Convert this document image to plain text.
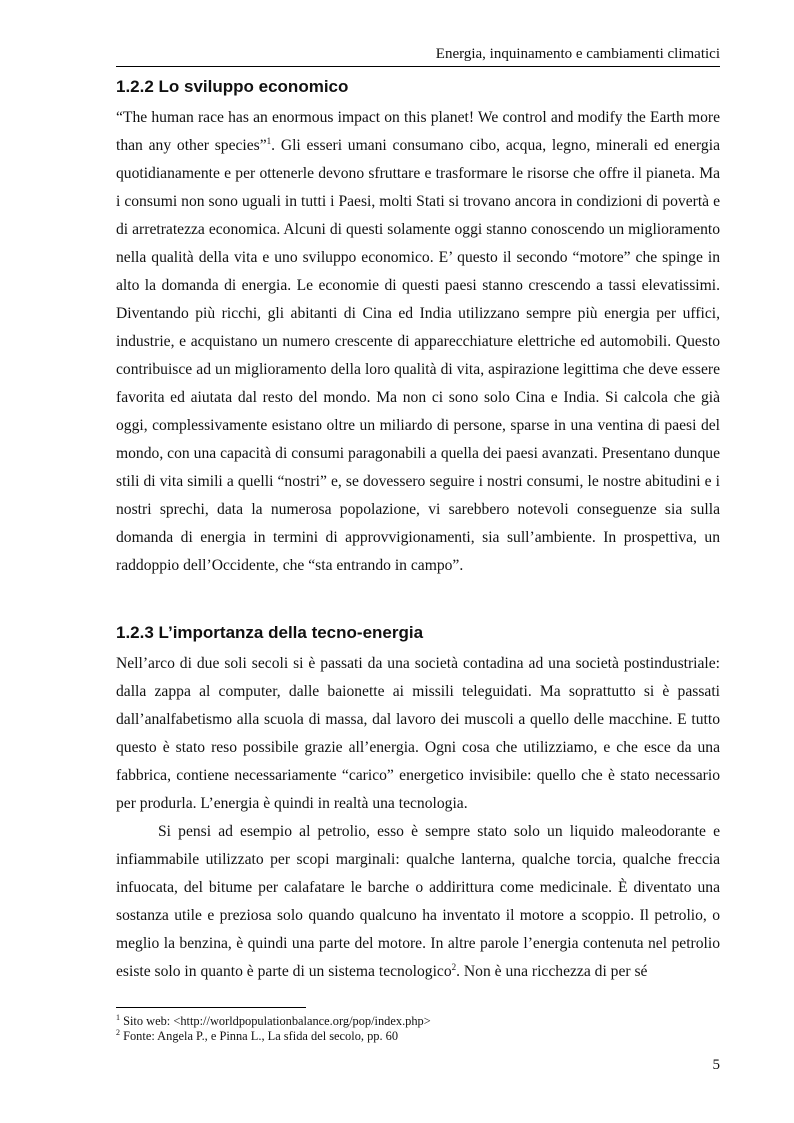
Energia, inquinamento e cambiamenti climatici
1.2.2 Lo sviluppo economico

“The human race has an enormous impact on this planet! We control and modify the Earth more than any other species”$^1$. Gli esseri umani consumano cibo, acqua, legno, minerali ed energia quotidianamente e per ottenerle devono sfruttare e trasformare le risorse che offre il pianeta. Ma i consumi non sono uguali in tutti i Paesi, molti Stati si trovano ancora in condizioni di povertà e di arretratezza economica. Alcuni di questi solamente oggi stanno conoscendo un miglioramento nella qualità della vita e uno sviluppo economico. E’ questo il secondo “motore” che spinge in alto la domanda di energia. Le economie di questi paesi stanno crescendo a tassi elevatissimi. Diventando più ricchi, gli abitanti di Cina ed India utilizzano sempre più energia per uffici, industrie, e acquistano un numero crescente di apparecchiature elettriche ed automobili. Questo contribuisce ad un miglioramento della loro qualità di vita, aspirazione legittima che deve essere favorita ed aiutata dal resto del mondo. Ma non ci sono solo Cina e India. Si calcola che già oggi, complessivamente esistano oltre un miliardo di persone, sparse in una ventina di paesi del mondo, con una capacità di consumi paragonabili a quella dei paesi avanzati. Presentano dunque stili di vita simili a quelli “nostri” e, se dovessero seguire i nostri consumi, le nostre abitudini e i nostri sprechi, data la numerosa popolazione, vi sarebbero notevoli conseguenze sia sulla domanda di energia in termini di approvvigionamenti, sia sull’ambiente. In prospettiva, un raddoppio dell’Occidente, che “sta entrando in campo”.

1.2.3 L’importanza della tecno-energia

Nell’arco di due soli secoli si è passati da una società contadina ad una società postindustriale: dalla zappa al computer, dalle baionette ai missili teleguidati. Ma soprattutto si è passati dall’analfabetismo alla scuola di massa, dal lavoro dei muscoli a quello delle macchine. E tutto questo è stato reso possibile grazie all’energia. Ogni cosa che utilizziamo, e che esce da una fabbrica, contiene necessariamente “carico” energetico invisibile: quello che è stato necessario per produrla. L’energia è quindi in realtà una tecnologia.

Si pensi ad esempio al petrolio, esso è sempre stato solo un liquido maleodorante e infiammabile utilizzato per scopi marginali: qualche lanterna, qualche torcia, qualche freccia infuocata, del bitume per calafatare le barche o addirittura come medicinale. È diventato una sostanza utile e preziosa solo quando qualcuno ha inventato il motore a scoppio. Il petrolio, o meglio la benzina, è quindi una parte del motore. In altre parole l’energia contenuta nel petrolio esiste solo in quanto è parte di un sistema tecnologico$^2$. Non è una ricchezza di per sé

$^1$ Sito web: <http://worldpopulationbalance.org/pop/index.php>

$^2$ Fonte: Angela P., e Pinna L., La sfida del secolo, pp. 60

5
